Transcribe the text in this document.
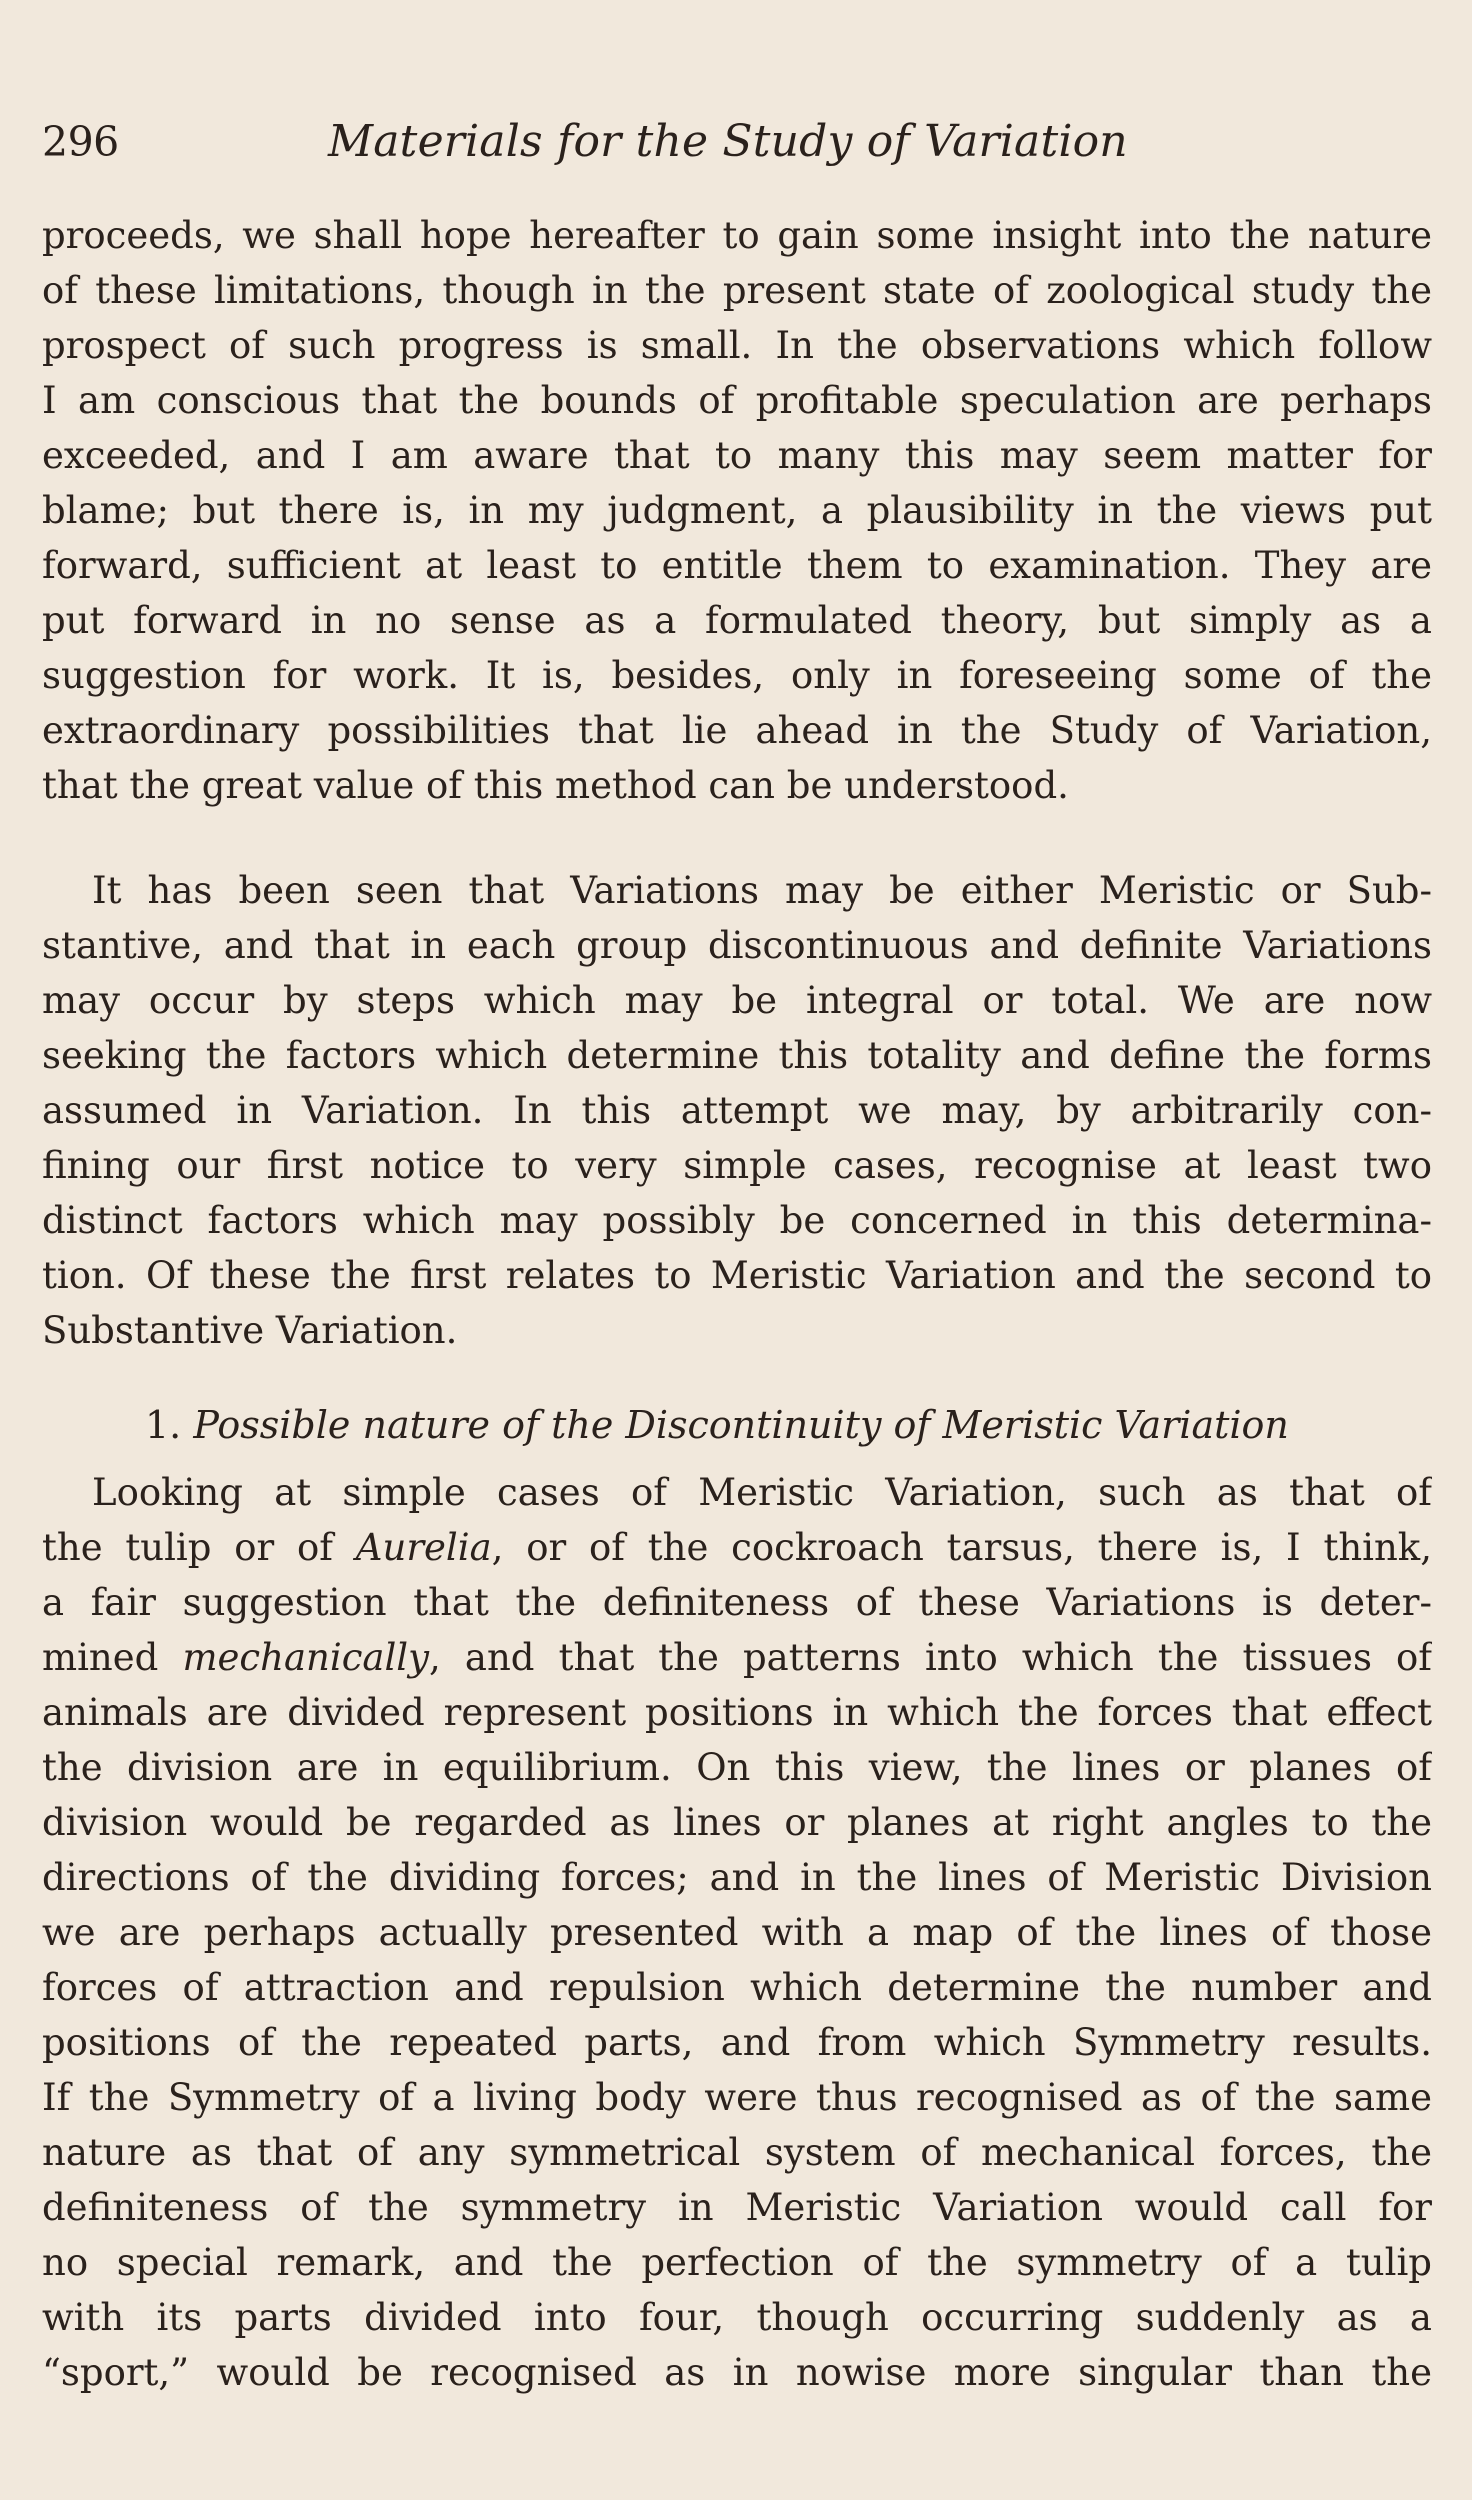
296	Materials for the Study of Variation
proceeds, we shall hope hereafter to gain some insight into the nature
of these limitations, though in the present state of zoological study the
prospect of such progress is small. In the observations which follow
I am conscious that the bounds of profitable speculation are perhaps
exceeded, and I am aware that to many this may seem matter for
blame; but there is, in my judgment, a plausibility in the views put
forward, sufficient at least to entitle them to examination. They are
put forward in no sense as a formulated theory, but simply as a
suggestion for work. It is, besides, only in foreseeing some of the
extraordinary possibilities that lie ahead in the Study of Variation,
that the great value of this method can be understood.
It has been seen that Variations may be either Meristic or Sub-
stantive, and that in each group discontinuous and definite Variations
may occur by steps which may be integral or total. We are now
seeking the factors which determine this totality and define the forms
assumed in Variation. In this attempt we may, by arbitrarily con-
fining our first notice to very simple cases, recognise at least two
distinct factors which may possibly be concerned in this determina-
tion. Of these the first relates to Meristic Variation and the second to
Substantive Variation.
1. Possible nature of the Discontinuity of Meristic Variation
Looking at simple cases of Meristic Variation, such as that of
the tulip or of Aurelia, or of the cockroach tarsus, there is, I think,
a fair suggestion that the definiteness of these Variations is deter-
mined mechanically, and that the patterns into which the tissues of
animals are divided represent positions in which the forces that effect
the division are in equilibrium. On this view, the lines or planes of
division would be regarded as lines or planes at right angles to the
directions of the dividing forces; and in the lines of Meristic Division
we are perhaps actually presented with a map of the lines of those
forces of attraction and repulsion which determine the number and
positions of the repeated parts, and from which Symmetry results.
If the Symmetry of a living body were thus recognised as of the same
nature as that of any symmetrical system of mechanical forces, the
definiteness of the symmetry in Meristic Variation would call for
no special remark, and the perfection of the symmetry of a tulip
with its parts divided into four, though occurring suddenly as a
“sport,” would be recognised as in nowise more singular than the
